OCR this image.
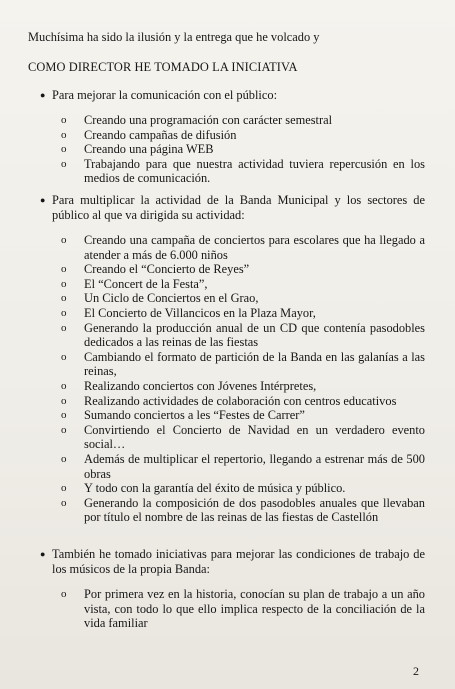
Muchísima ha sido la ilusión y la entrega que he volcado y
COMO DIRECTOR HE TOMADO LA INICIATIVA
● Para mejorar la comunicación con el público:
o Creando una programación con carácter semestral
o Creando campañas de difusión
o Creando una página WEB
o Trabajando para que nuestra actividad tuviera repercusión en los medios de comunicación.
● Para multiplicar la actividad de la Banda Municipal y los sectores de público al que va dirigida su actividad:
o Creando una campaña de conciertos para escolares que ha llegado a atender a más de 6.000 niños
o Creando el “Concierto de Reyes”
o El “Concert de la Festa”,
o Un Ciclo de Conciertos en el Grao,
o El Concierto de Villancicos en la Plaza Mayor,
o Generando la producción anual de un CD que contenía pasodobles dedicados a las reinas de las fiestas
o Cambiando el formato de partición de la Banda en las galanías a las reinas,
o Realizando conciertos con Jóvenes Intérpretes,
o Realizando actividades de colaboración con centros educativos
o Sumando conciertos a les “Festes de Carrer”
o Convirtiendo el Concierto de Navidad en un verdadero evento social…
o Además de multiplicar el repertorio, llegando a estrenar más de 500 obras
o Y todo con la garantía del éxito de música y público.
o Generando la composición de dos pasodobles anuales que llevaban por título el nombre de las reinas de las fiestas de Castellón
● También he tomado iniciativas para mejorar las condiciones de trabajo de los músicos de la propia Banda:
o Por primera vez en la historia, conocían su plan de trabajo a un año vista, con todo lo que ello implica respecto de la conciliación de la vida familiar
2
